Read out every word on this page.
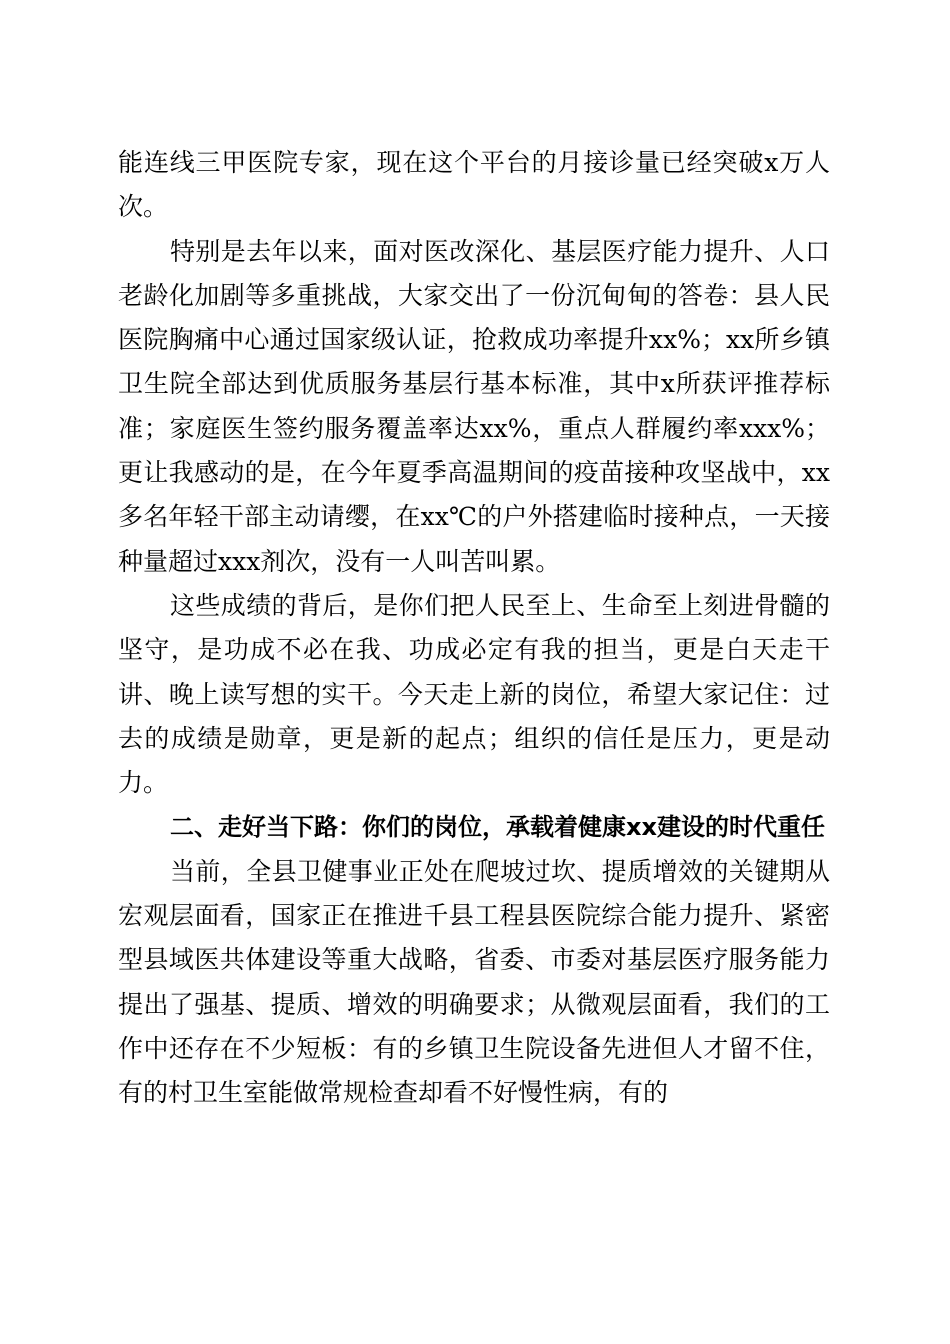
能连线三甲医院专家，现在这个平台的月接诊量已经突破x万人次。

特别是去年以来，面对医改深化、基层医疗能力提升、人口老龄化加剧等多重挑战，大家交出了一份沉甸甸的答卷：县人民医院胸痛中心通过国家级认证，抢救成功率提升xx%；xx所乡镇卫生院全部达到优质服务基层行基本标准，其中x所获评推荐标准；家庭医生签约服务覆盖率达xx%，重点人群履约率xxx%；更让我感动的是，在今年夏季高温期间的疫苗接种攻坚战中，xx多名年轻干部主动请缨，在xx℃的户外搭建临时接种点，一天接种量超过xxx剂次，没有一人叫苦叫累。

这些成绩的背后，是你们把人民至上、生命至上刻进骨髓的坚守，是功成不必在我、功成必定有我的担当，更是白天走干讲、晚上读写想的实干。今天走上新的岗位，希望大家记住：过去的成绩是勋章，更是新的起点；组织的信任是压力，更是动力。

二、走好当下路：你们的岗位，承载着健康xx建设的时代重任

当前，全县卫健事业正处在爬坡过坎、提质增效的关键期从宏观层面看，国家正在推进千县工程县医院综合能力提升、紧密型县域医共体建设等重大战略，省委、市委对基层医疗服务能力提出了强基、提质、增效的明确要求；从微观层面看，我们的工作中还存在不少短板：有的乡镇卫生院设备先进但人才留不住，有的村卫生室能做常规检查却看不好慢性病，有的
